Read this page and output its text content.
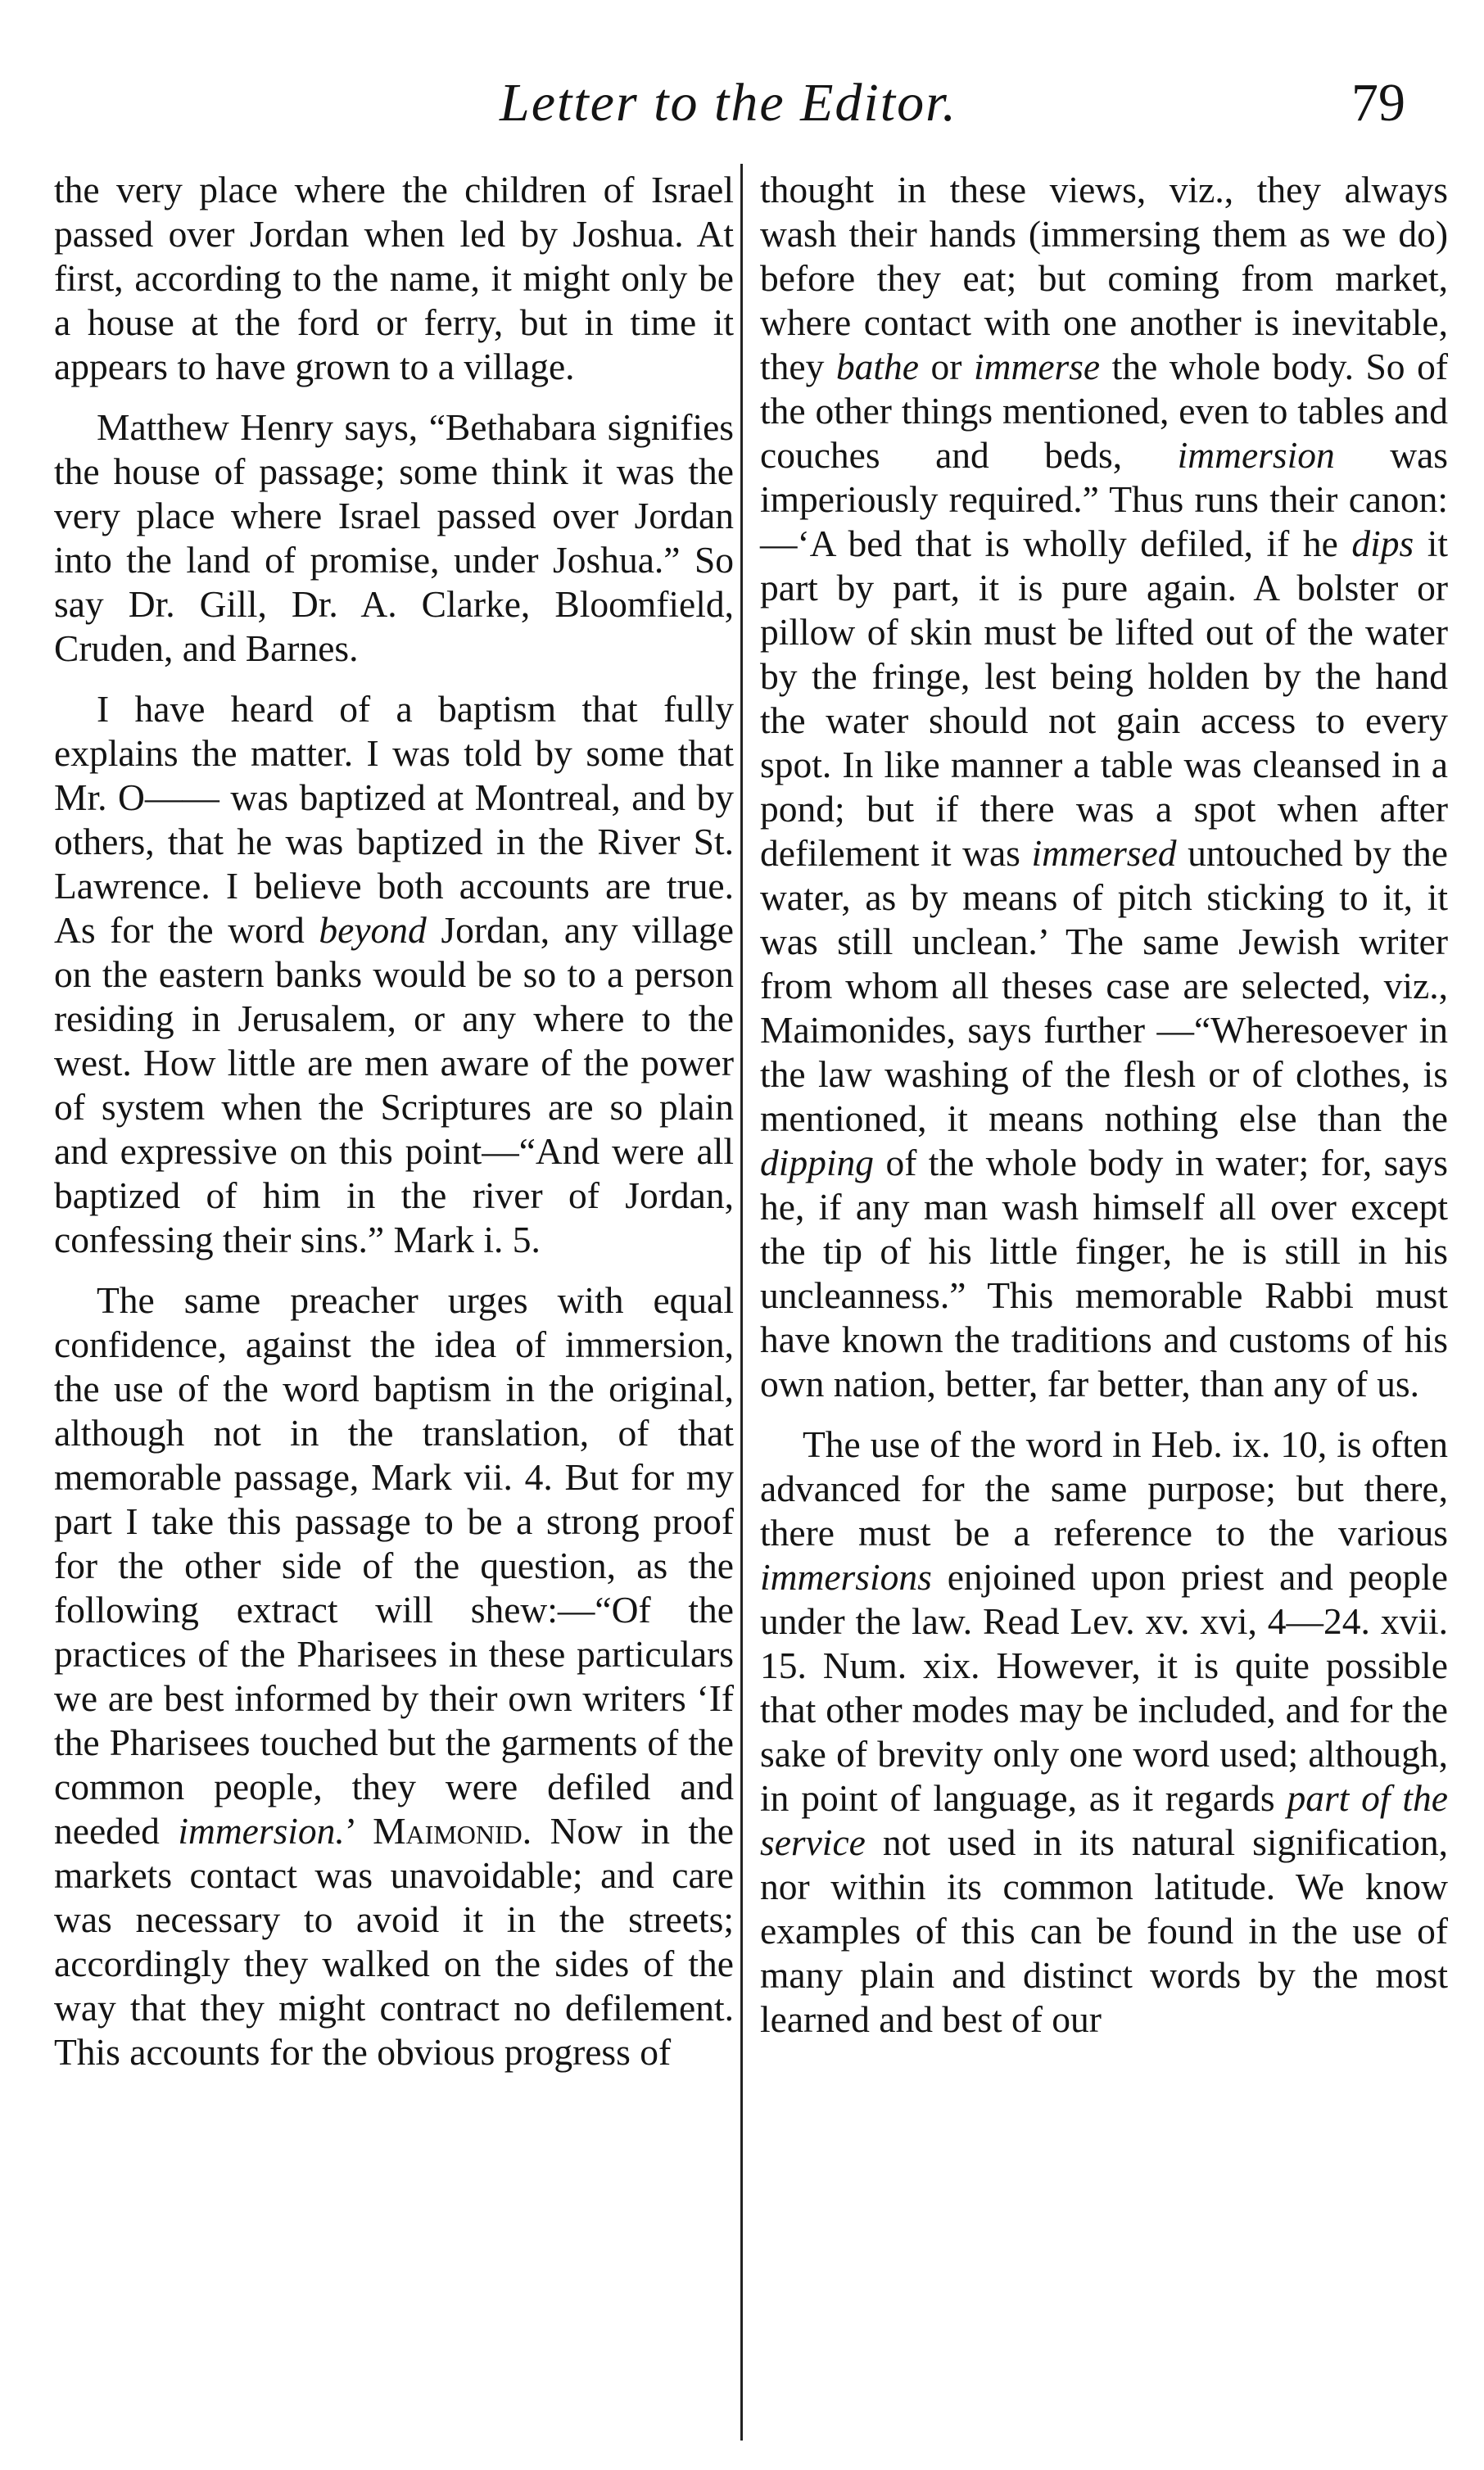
Letter to the Editor.	79

the very place where the children of Israel passed over Jordan when led by Joshua. At first, according to the name, it might only be a house at the ford or ferry, but in time it appears to have grown to a village.

Matthew Henry says, “Bethabara signifies the house of passage; some think it was the very place where Israel passed over Jordan into the land of promise, under Joshua.” So say Dr. Gill, Dr. A. Clarke, Bloomfield, Cruden, and Barnes.

I have heard of a baptism that fully explains the matter. I was told by some that Mr. O—— was baptized at Montreal, and by others, that he was baptized in the River St. Lawrence. I believe both accounts are true. As for the word beyond Jordan, any village on the eastern banks would be so to a person residing in Jerusalem, or any where to the west. How little are men aware of the power of system when the Scriptures are so plain and expressive on this point—“And were all baptized of him in the river of Jordan, confessing their sins.” Mark i. 5.

The same preacher urges with equal confidence, against the idea of immersion, the use of the word baptism in the original, although not in the translation, of that memorable passage, Mark vii. 4. But for my part I take this passage to be a strong proof for the other side of the question, as the following extract will shew:—“Of the practices of the Pharisees in these particulars we are best informed by their own writers ‘If the Pharisees touched but the garments of the common people, they were defiled and needed immersion.’ Maimonid. Now in the markets contact was unavoidable; and care was necessary to avoid it in the streets; accordingly they walked on the sides of the way that they might contract no defilement. This accounts for the obvious progress of

thought in these views, viz., they always wash their hands (immersing them as we do) before they eat; but coming from market, where contact with one another is inevitable, they bathe or immerse the whole body. So of the other things mentioned, even to tables and couches and beds, immersion was imperiously required.” Thus runs their canon:—‘A bed that is wholly defiled, if he dips it part by part, it is pure again. A bolster or pillow of skin must be lifted out of the water by the fringe, lest being holden by the hand the water should not gain access to every spot. In like manner a table was cleansed in a pond; but if there was a spot when after defilement it was immersed untouched by the water, as by means of pitch sticking to it, it was still unclean.’ The same Jewish writer from whom all theses case are selected, viz., Maimonides, says further —“Wheresoever in the law washing of the flesh or of clothes, is mentioned, it means nothing else than the dipping of the whole body in water; for, says he, if any man wash himself all over except the tip of his little finger, he is still in his uncleanness.” This memorable Rabbi must have known the traditions and customs of his own nation, better, far better, than any of us.

The use of the word in Heb. ix. 10, is often advanced for the same purpose; but there, there must be a reference to the various immersions enjoined upon priest and people under the law. Read Lev. xv. xvi, 4—24. xvii. 15. Num. xix. However, it is quite possible that other modes may be included, and for the sake of brevity only one word used; although, in point of language, as it regards part of the service not used in its natural signification, nor within its common latitude. We know examples of this can be found in the use of many plain and distinct words by the most learned and best of our
